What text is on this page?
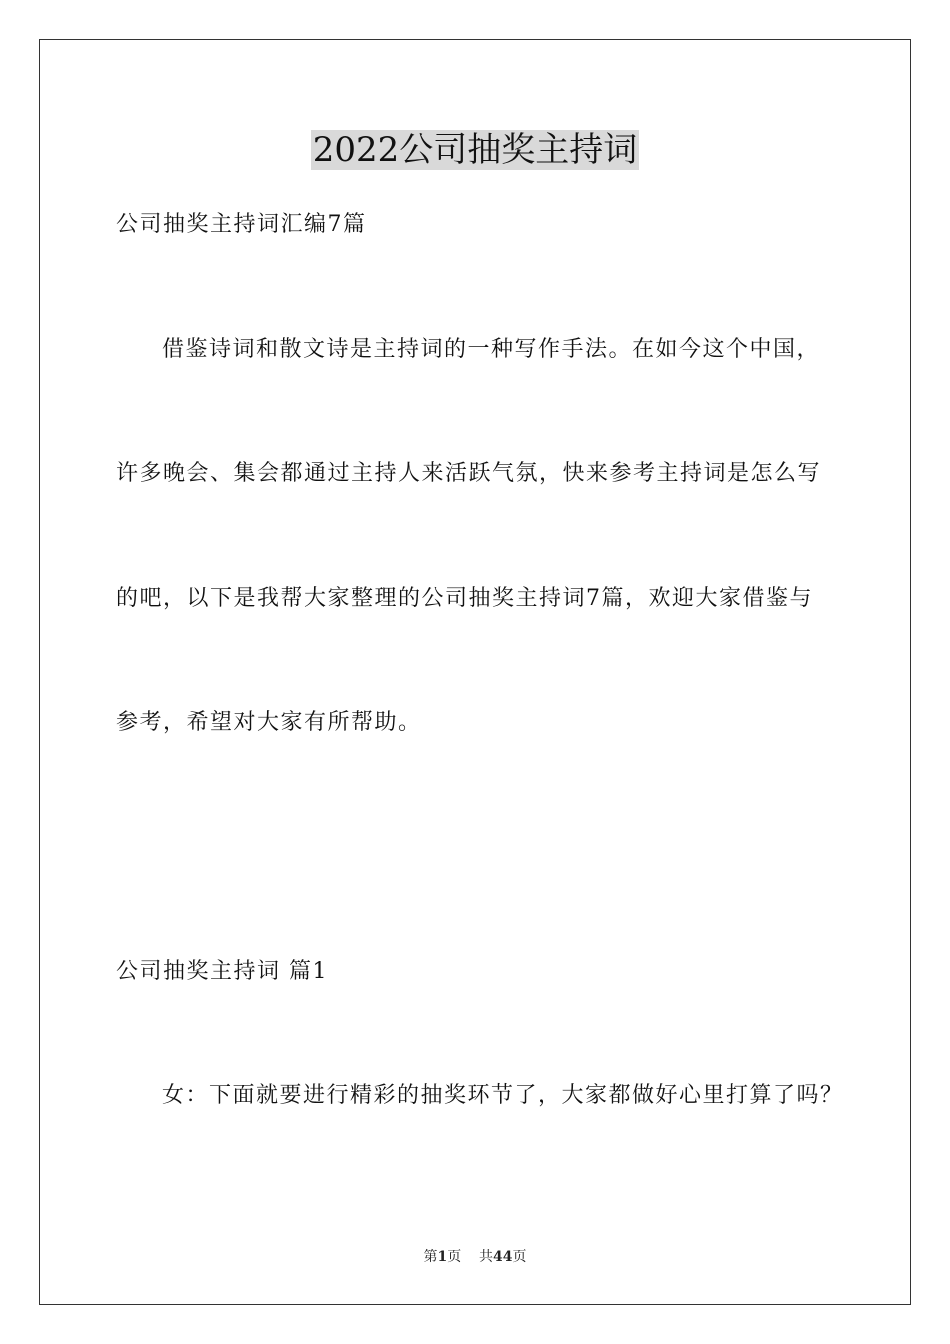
2022公司抽奖主持词
公司抽奖主持词汇编7篇
借鉴诗词和散文诗是主持词的一种写作手法。在如今这个中国，
许多晚会、集会都通过主持人来活跃气氛，快来参考主持词是怎么写
的吧，以下是我帮大家整理的公司抽奖主持词7篇，欢迎大家借鉴与
参考，希望对大家有所帮助。
公司抽奖主持词 篇1
女：下面就要进行精彩的抽奖环节了，大家都做好心里打算了吗？
第1页 共44页
